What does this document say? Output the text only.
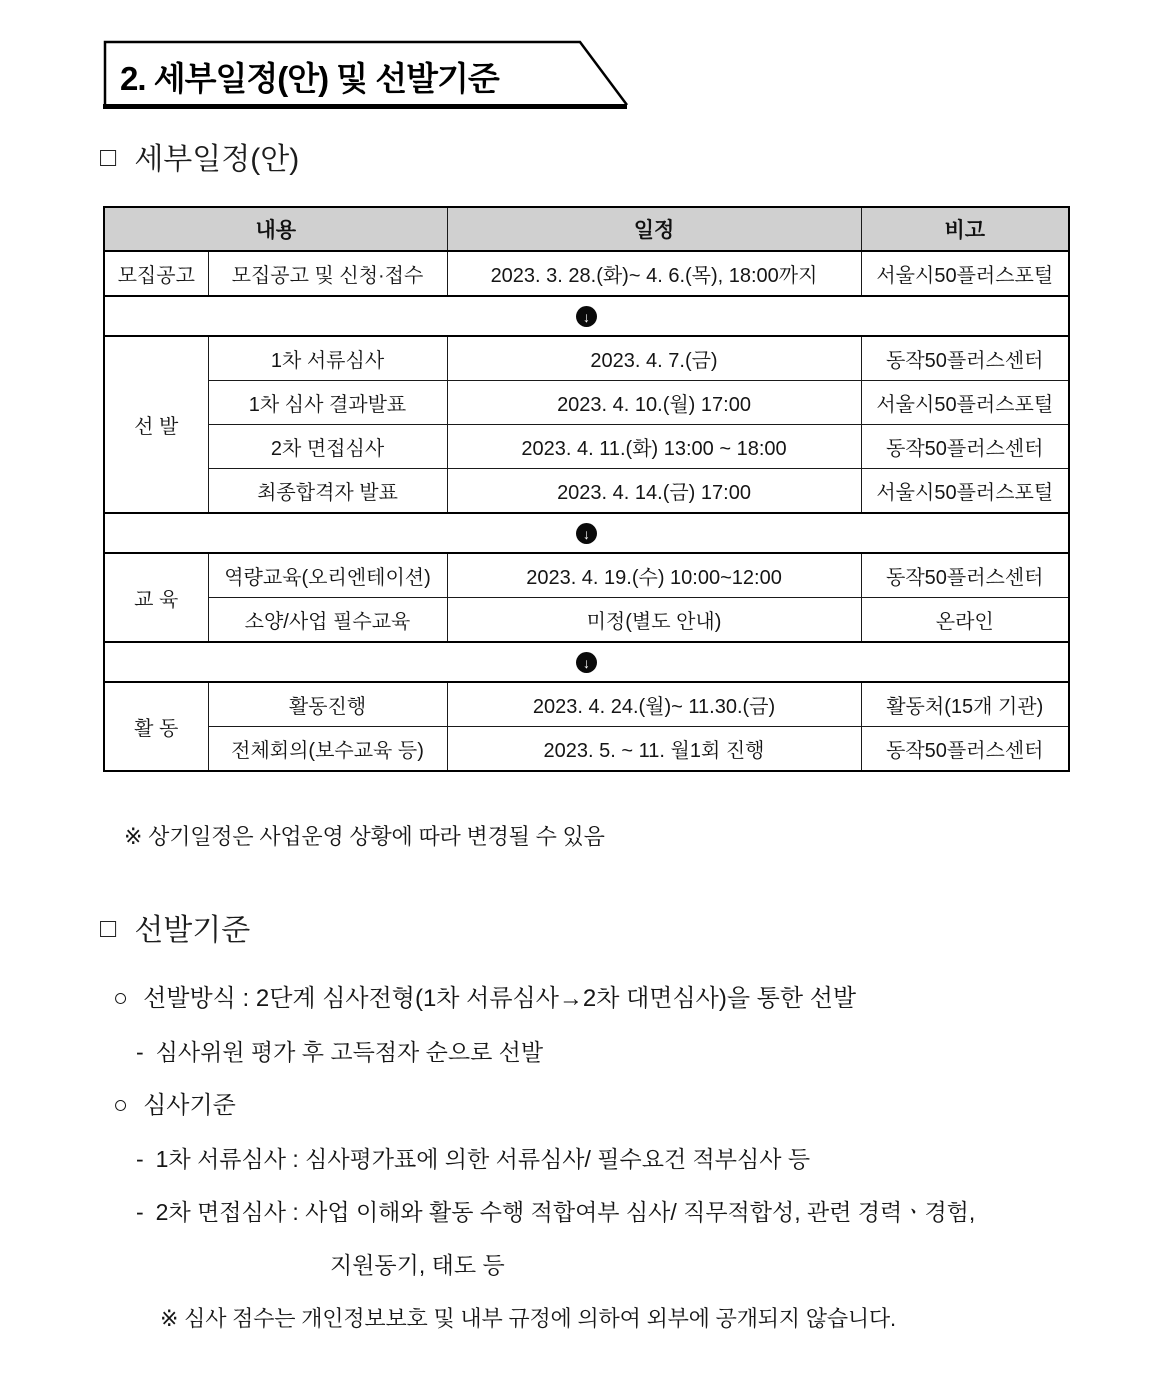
2. 세부일정(안) 및 선발기준
□ 세부일정(안)
내용		일정	비고
모집공고	모집공고 및 신청·접수	2023. 3. 28.(화)~ 4. 6.(목), 18:00까지	서울시50플러스포털
↓			
선 발	1차 서류심사	2023. 4. 7.(금)	동작50플러스센터
	1차 심사 결과발표	2023. 4. 10.(월) 17:00	서울시50플러스포털
	2차 면접심사	2023. 4. 11.(화) 13:00 ~ 18:00	동작50플러스센터
	최종합격자 발표	2023. 4. 14.(금) 17:00	서울시50플러스포털
↓			
교 육	역량교육(오리엔테이션)	2023. 4. 19.(수) 10:00~12:00	동작50플러스센터
	소양/사업 필수교육	미정(별도 안내)	온라인
↓			
활 동	활동진행	2023. 4. 24.(월)~ 11.30.(금)	활동처(15개 기관)
	전체회의(보수교육 등)	2023. 5. ~ 11. 월1회 진행	동작50플러스센터
※ 상기일정은 사업운영 상황에 따라 변경될 수 있음
□ 선발기준
○ 선발방식 : 2단계 심사전형(1차 서류심사→2차 대면심사)을 통한 선발
- 심사위원 평가 후 고득점자 순으로 선발
○ 심사기준
- 1차 서류심사 : 심사평가표에 의한 서류심사/ 필수요건 적부심사 등
- 2차 면접심사 : 사업 이해와 활동 수행 적합여부 심사/ 직무적합성, 관련 경력ㆍ경험,
지원동기, 태도 등
※ 심사 점수는 개인정보보호 및 내부 규정에 의하여 외부에 공개되지 않습니다.
